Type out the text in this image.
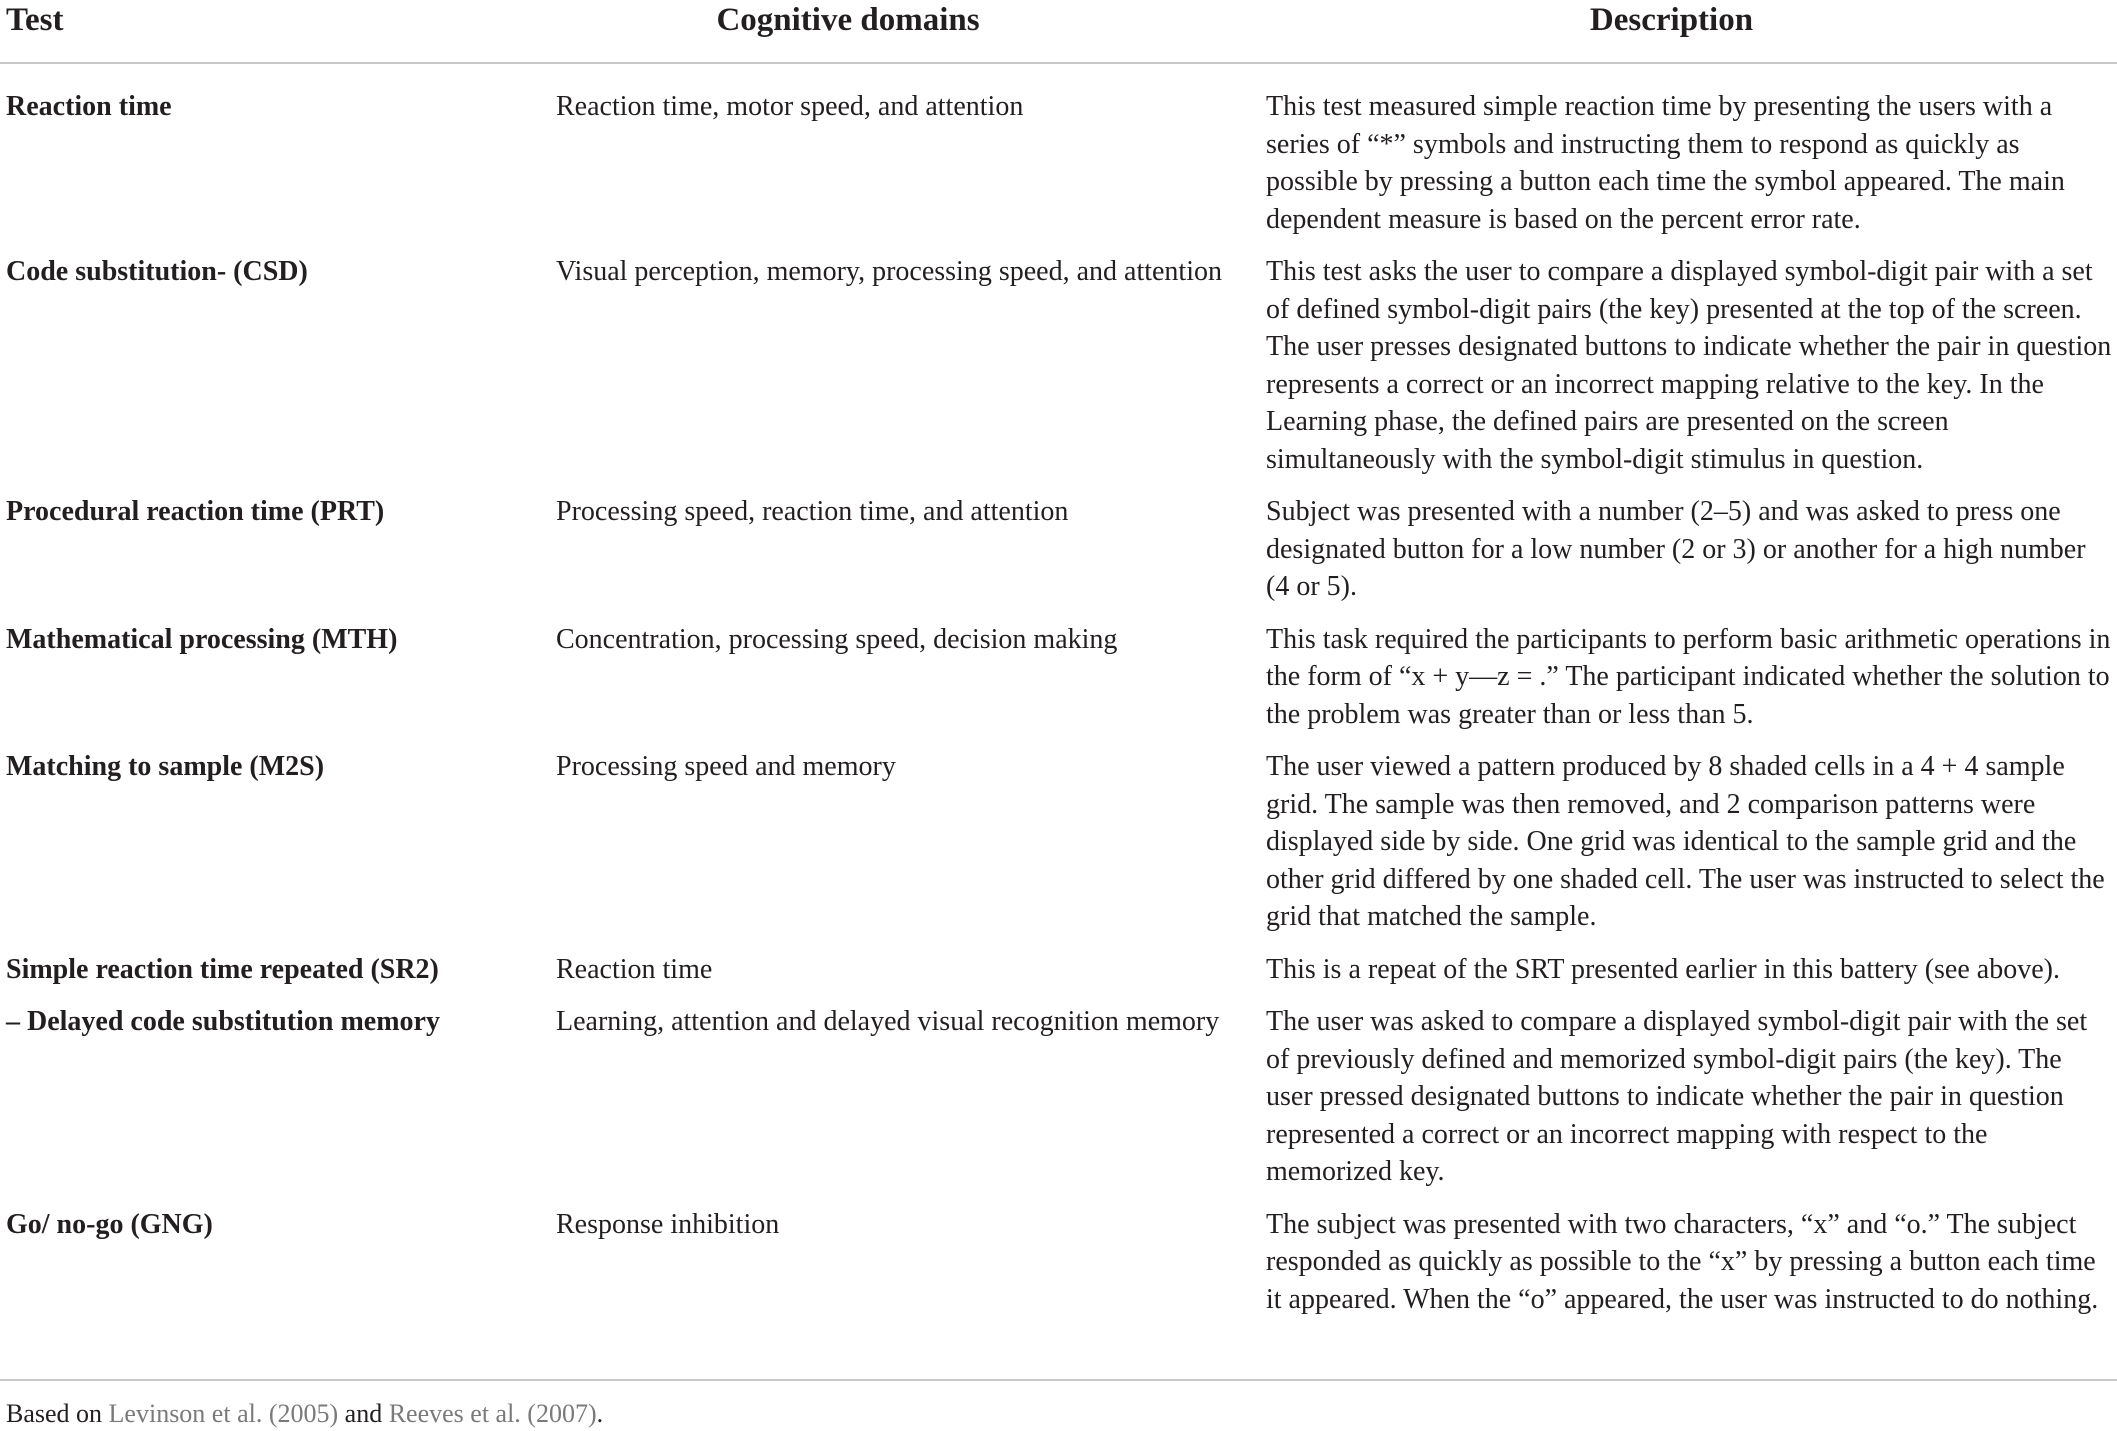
Test	Cognitive domains	Description
Reaction time	Reaction time, motor speed, and attention	This test measured simple reaction time by presenting the users with a series of “*” symbols and instructing them to respond as quickly as possible by pressing a button each time the symbol appeared. The main dependent measure is based on the percent error rate.
Code substitution- (CSD)	Visual perception, memory, processing speed, and attention	This test asks the user to compare a displayed symbol-digit pair with a set of defined symbol-digit pairs (the key) presented at the top of the screen. The user presses designated buttons to indicate whether the pair in question represents a correct or an incorrect mapping relative to the key. In the Learning phase, the defined pairs are presented on the screen simultaneously with the symbol-digit stimulus in question.
Procedural reaction time (PRT)	Processing speed, reaction time, and attention	Subject was presented with a number (2–5) and was asked to press one designated button for a low number (2 or 3) or another for a high number (4 or 5).
Mathematical processing (MTH)	Concentration, processing speed, decision making	This task required the participants to perform basic arithmetic operations in the form of “x + y—z = .” The participant indicated whether the solution to the problem was greater than or less than 5.
Matching to sample (M2S)	Processing speed and memory	The user viewed a pattern produced by 8 shaded cells in a 4 + 4 sample grid. The sample was then removed, and 2 comparison patterns were displayed side by side. One grid was identical to the sample grid and the other grid differed by one shaded cell. The user was instructed to select the grid that matched the sample.
Simple reaction time repeated (SR2)	Reaction time	This is a repeat of the SRT presented earlier in this battery (see above).
– Delayed code substitution memory	Learning, attention and delayed visual recognition memory	The user was asked to compare a displayed symbol-digit pair with the set of previously defined and memorized symbol-digit pairs (the key). The user pressed designated buttons to indicate whether the pair in question represented a correct or an incorrect mapping with respect to the memorized key.
Go/ no-go (GNG)	Response inhibition	The subject was presented with two characters, “x” and “o.” The subject responded as quickly as possible to the “x” by pressing a button each time it appeared. When the “o” appeared, the user was instructed to do nothing.
Based on Levinson et al. (2005) and Reeves et al. (2007).
